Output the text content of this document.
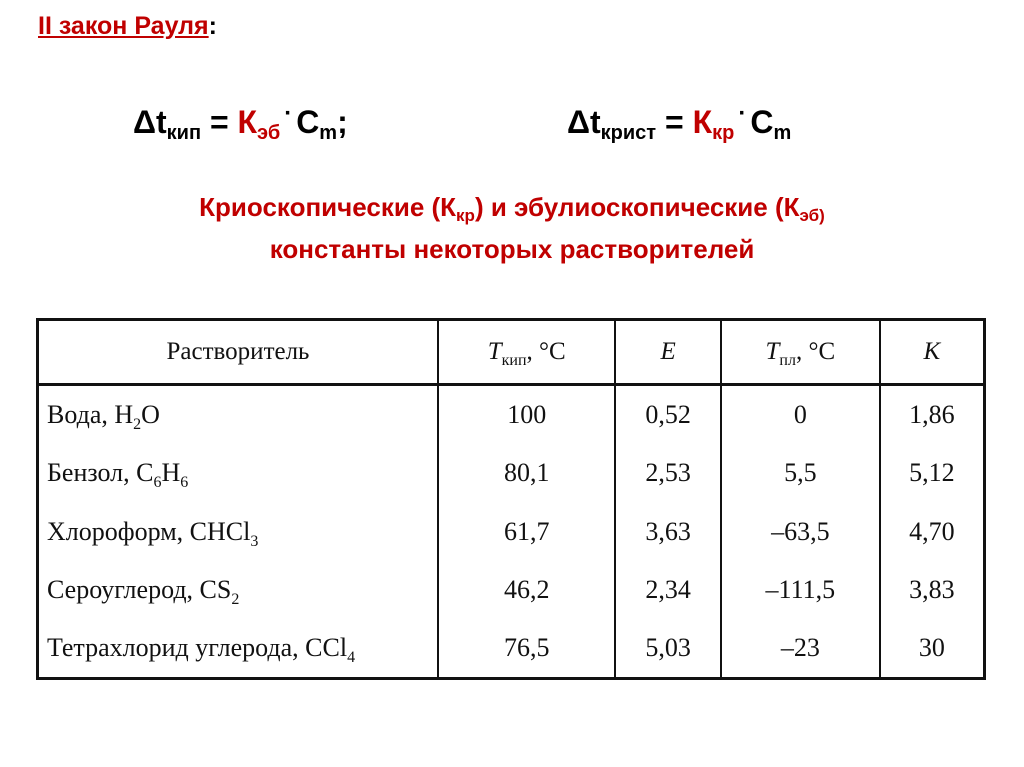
II закон Рауля:
$\Delta t_{кип} = К_{эб}^\cdot$ $C_m$;	$\Delta t_{крист} = К_{кр}^\cdot$ $C_m$
Криоскопические $(К_{кр})$ и эбулиоскопические ($К_{эб)}$
константы некоторых растворителей
Растворитель	$T_{кип}$, °C	E	$T_{пл}$, °C	K
Вода, $H_2O$	100	0,52	0	1,86
Бензол, $C_6H_6$	80,1	2,53	5,5	5,12
Хлороформ, CHCl$_3$	61,7	3,63	–63,5	4,70
Сероуглерод, $CS_2$	46,2	2,34	–111,5	3,83
Тетрахлорид углерода, CCl$_4$	76,5	5,03	–23	30
